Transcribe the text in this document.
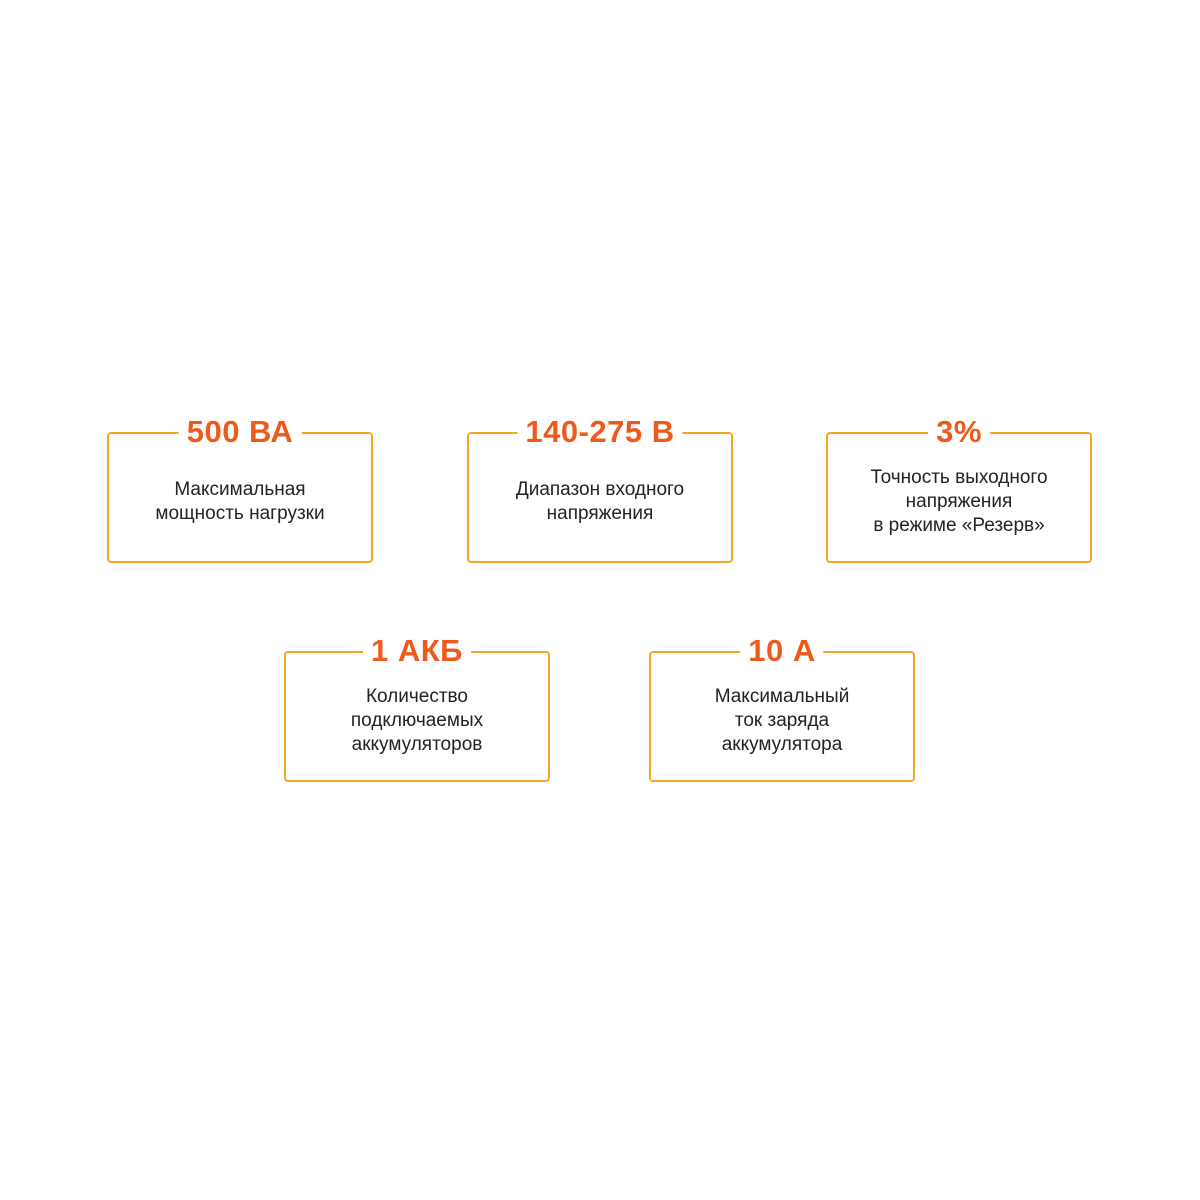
500 ВА
Максимальная
мощность нагрузки
140-275 В
Диапазон входного
напряжения
3%
Точность выходного
напряжения
в режиме «Резерв»
1 АКБ
Количество
подключаемых
аккумуляторов
10 А
Максимальный
ток заряда
аккумулятора
